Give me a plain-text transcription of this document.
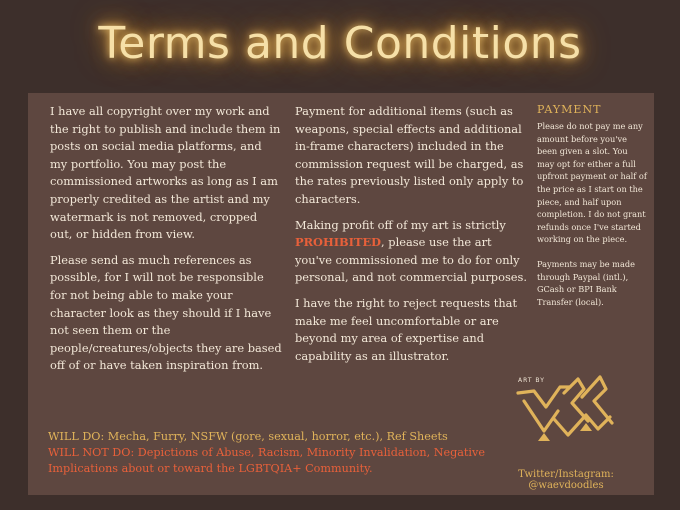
Terms and Conditions

I have all copyright over my work and the right to publish and include them in posts on social media platforms, and my portfolio. You may post the commissioned artworks as long as I am properly credited as the artist and my watermark is not removed, cropped out, or hidden from view.

Please send as much references as possible, for I will not be responsible for not being able to make your character look as they should if I have not seen them or the people/creatures/objects they are based off of or have taken inspiration from.

Payment for additional items (such as weapons, special effects and additional in-frame characters) included in the commission request will be charged, as the rates previously listed only apply to characters.

Making profit off of my art is strictly PROHIBITED, please use the art you've commissioned me to do for only personal, and not commercial purposes.

I have the right to reject requests that make me feel uncomfortable or are beyond my area of expertise and capability as an illustrator.

PAYMENT

Please do not pay me any amount before you've been given a slot. You may opt for either a full upfront payment or half of the price as I start on the piece, and half upon completion. I do not grant refunds once I've started working on the piece.

Payments may be made through Paypal (intl.), GCash or BPI Bank Transfer (local).

WILL DO: Mecha, Furry, NSFW (gore, sexual, horror, etc.), Ref Sheets
WILL NOT DO: Depictions of Abuse, Racism, Minority Invalidation, Negative Implications about or toward the LGBTQIA+ Community.
ART BY
Twitter/Instagram: @waevdoodles
